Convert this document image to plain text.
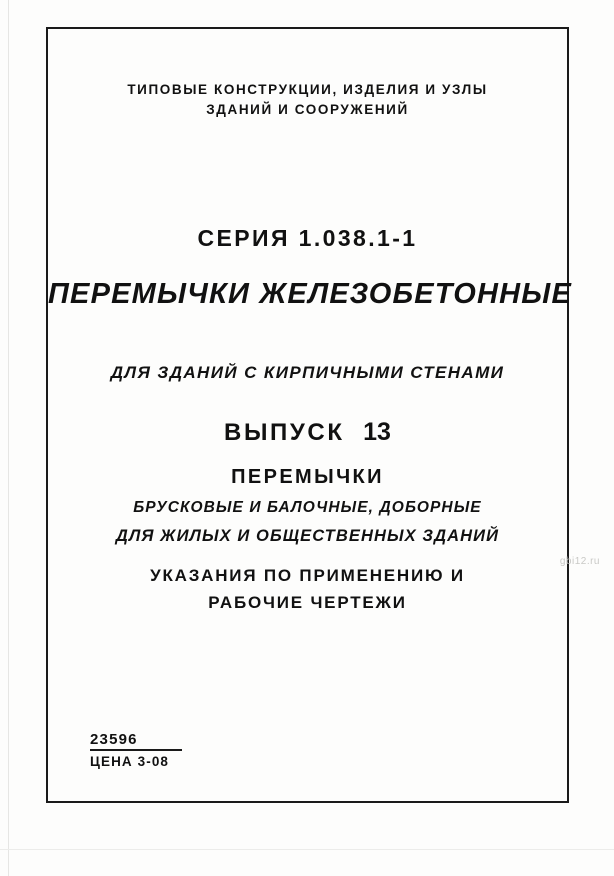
ТИПОВЫЕ КОНСТРУКЦИИ, ИЗДЕЛИЯ И УЗЛЫ
ЗДАНИЙ И СООРУЖЕНИЙ
СЕРИЯ 1.038.1-1
ПЕРЕМЫЧКИ ЖЕЛЕЗОБЕТОННЫЕ
ДЛЯ ЗДАНИЙ С КИРПИЧНЫМИ СТЕНАМИ
ВЫПУСК 13
ПЕРЕМЫЧКИ
БРУСКОВЫЕ И БАЛОЧНЫЕ, ДОБОРНЫЕ
ДЛЯ ЖИЛЫХ И ОБЩЕСТВЕННЫХ ЗДАНИЙ
УКАЗАНИЯ ПО ПРИМЕНЕНИЮ И
РАБОЧИЕ ЧЕРТЕЖИ
23596
ЦЕНА 3-08
gbi12.ru
